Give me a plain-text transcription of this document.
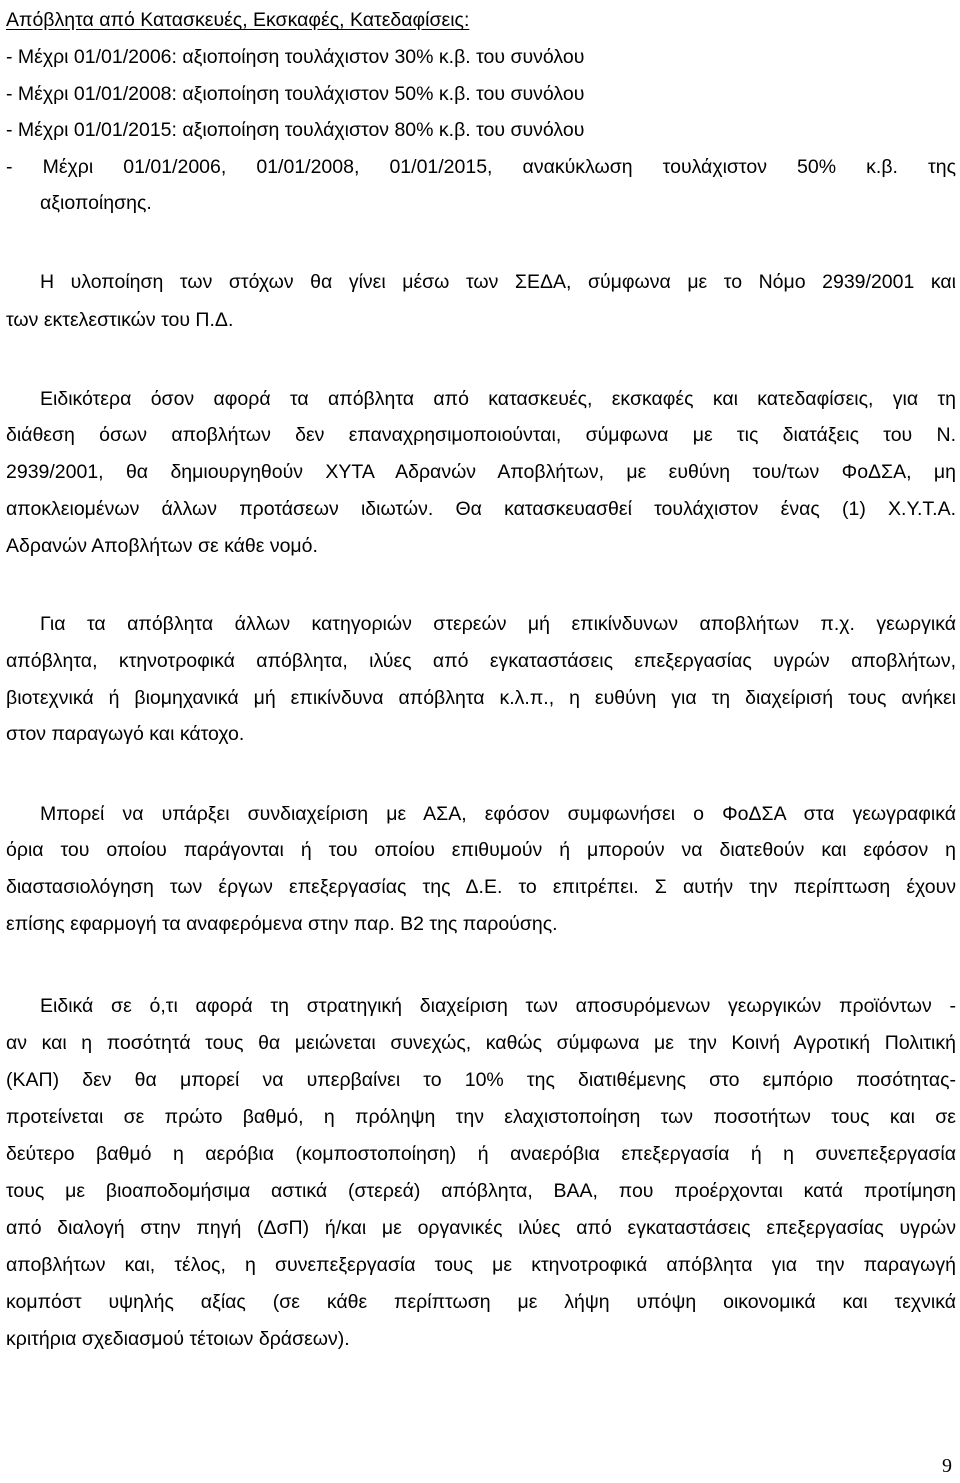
Απόβλητα από Κατασκευές, Εκσκαφές, Κατεδαφίσεις:
- Μέχρι 01/01/2006: αξιοποίηση τουλάχιστον 30% κ.β. του συνόλου
- Μέχρι 01/01/2008: αξιοποίηση τουλάχιστον 50% κ.β. του συνόλου
- Μέχρι 01/01/2015: αξιοποίηση τουλάχιστον 80% κ.β. του συνόλου
- Μέχρι 01/01/2006, 01/01/2008, 01/01/2015, ανακύκλωση τουλάχιστον 50% κ.β. της
αξιοποίησης.
Η υλοποίηση των στόχων θα γίνει μέσω των ΣΕΔΑ, σύμφωνα με το Νόμο 2939/2001 και
των εκτελεστικών του Π.Δ.
Ειδικότερα όσον αφορά τα απόβλητα από κατασκευές, εκσκαφές και κατεδαφίσεις, για τη
διάθεση όσων αποβλήτων δεν επαναχρησιμοποιούνται, σύμφωνα με τις διατάξεις του Ν.
2939/2001, θα δημιουργηθούν ΧΥΤΑ Αδρανών Αποβλήτων, με ευθύνη του/των ΦοΔΣΑ, μη
αποκλειομένων άλλων προτάσεων ιδιωτών. Θα κατασκευασθεί τουλάχιστον ένας (1) Χ.Υ.Τ.Α.
Αδρανών Αποβλήτων σε κάθε νομό.
Για τα απόβλητα άλλων κατηγοριών στερεών μή επικίνδυνων αποβλήτων π.χ. γεωργικά
απόβλητα, κτηνοτροφικά απόβλητα, ιλύες από εγκαταστάσεις επεξεργασίας υγρών αποβλήτων,
βιοτεχνικά ή βιομηχανικά μή επικίνδυνα απόβλητα κ.λ.π., η ευθύνη για τη διαχείρισή τους ανήκει
στον παραγωγό και κάτοχο.
Μπορεί να υπάρξει συνδιαχείριση με ΑΣΑ, εφόσον συμφωνήσει ο ΦοΔΣΑ στα γεωγραφικά
όρια του οποίου παράγονται ή του οποίου επιθυμούν ή μπορούν να διατεθούν και εφόσον η
διαστασιολόγηση των έργων επεξεργασίας της Δ.Ε. το επιτρέπει. Σ αυτήν την περίπτωση έχουν
επίσης εφαρμογή τα αναφερόμενα στην παρ. Β2 της παρούσης.
Ειδικά σε ό,τι αφορά τη στρατηγική διαχείριση των αποσυρόμενων γεωργικών προϊόντων -
αν και η ποσότητά τους θα μειώνεται συνεχώς, καθώς σύμφωνα με την Κοινή Αγροτική Πολιτική
(ΚΑΠ) δεν θα μπορεί να υπερβαίνει το 10% της διατιθέμενης στο εμπόριο ποσότητας-
προτείνεται σε πρώτο βαθμό, η πρόληψη την ελαχιστοποίηση των ποσοτήτων τους και σε
δεύτερο βαθμό η αερόβια (κομποστοποίηση) ή αναερόβια επεξεργασία ή η συνεπεξεργασία
τους με βιοαποδομήσιμα αστικά (στερεά) απόβλητα, ΒΑΑ, που προέρχονται κατά προτίμηση
από διαλογή στην πηγή (ΔσΠ) ή/και με οργανικές ιλύες από εγκαταστάσεις επεξεργασίας υγρών
αποβλήτων και, τέλος, η συνεπεξεργασία τους με κτηνοτροφικά απόβλητα για την παραγωγή
κομπόστ υψηλής αξίας (σε κάθε περίπτωση με λήψη υπόψη οικονομικά και τεχνικά
κριτήρια σχεδιασμού τέτοιων δράσεων).
9
